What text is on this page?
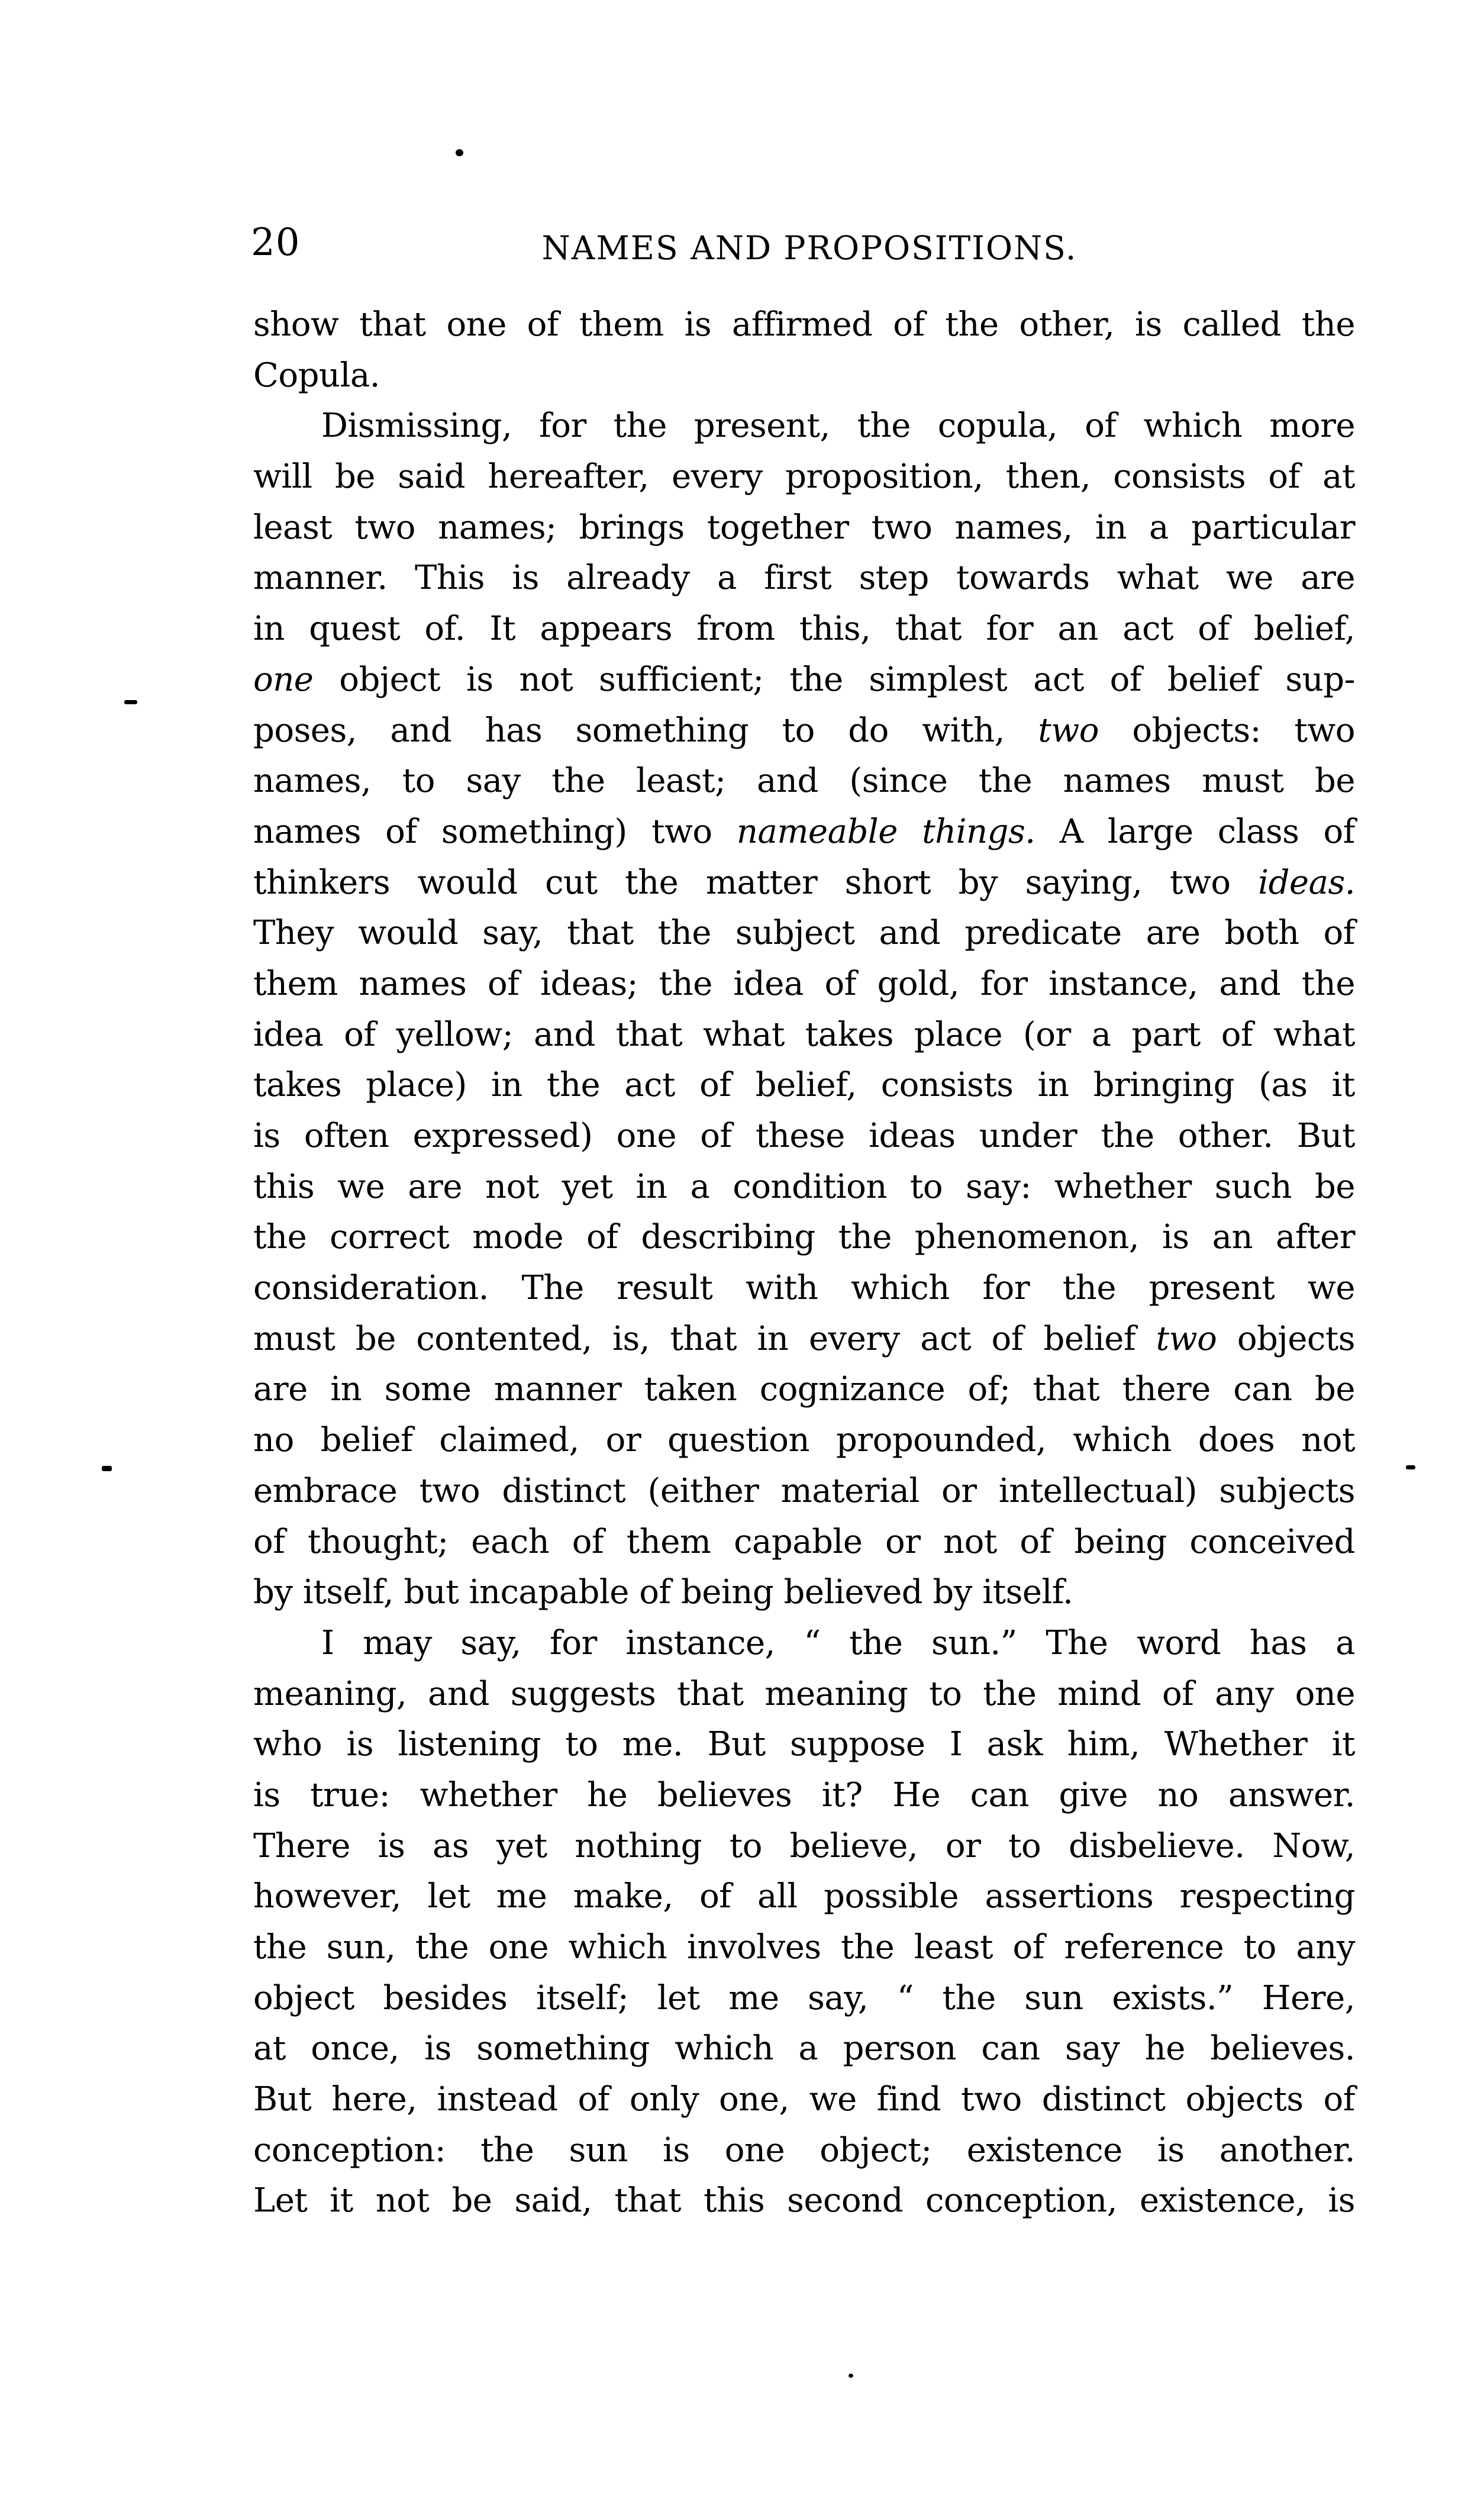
20	NAMES AND PROPOSITIONS.
show that one of them is affirmed of the other, is called the
Copula.
Dismissing, for the present, the copula, of which more
will be said hereafter, every proposition, then, consists of at
least two names; brings together two names, in a particular
manner. This is already a first step towards what we are
in quest of. It appears from this, that for an act of belief,
one object is not sufficient; the simplest act of belief sup-
poses, and has something to do with, two objects: two
names, to say the least; and (since the names must be
names of something) two nameable things. A large class of
thinkers would cut the matter short by saying, two ideas.
They would say, that the subject and predicate are both of
them names of ideas; the idea of gold, for instance, and the
idea of yellow; and that what takes place (or a part of what
takes place) in the act of belief, consists in bringing (as it
is often expressed) one of these ideas under the other. But
this we are not yet in a condition to say: whether such be
the correct mode of describing the phenomenon, is an after
consideration. The result with which for the present we
must be contented, is, that in every act of belief two objects
are in some manner taken cognizance of; that there can be
no belief claimed, or question propounded, which does not
embrace two distinct (either material or intellectual) subjects
of thought; each of them capable or not of being conceived
by itself, but incapable of being believed by itself.
I may say, for instance, “ the sun.” The word has a
meaning, and suggests that meaning to the mind of any one
who is listening to me. But suppose I ask him, Whether it
is true: whether he believes it? He can give no answer.
There is as yet nothing to believe, or to disbelieve. Now,
however, let me make, of all possible assertions respecting
the sun, the one which involves the least of reference to any
object besides itself; let me say, “ the sun exists.” Here,
at once, is something which a person can say he believes.
But here, instead of only one, we find two distinct objects of
conception: the sun is one object; existence is another.
Let it not be said, that this second conception, existence, is
